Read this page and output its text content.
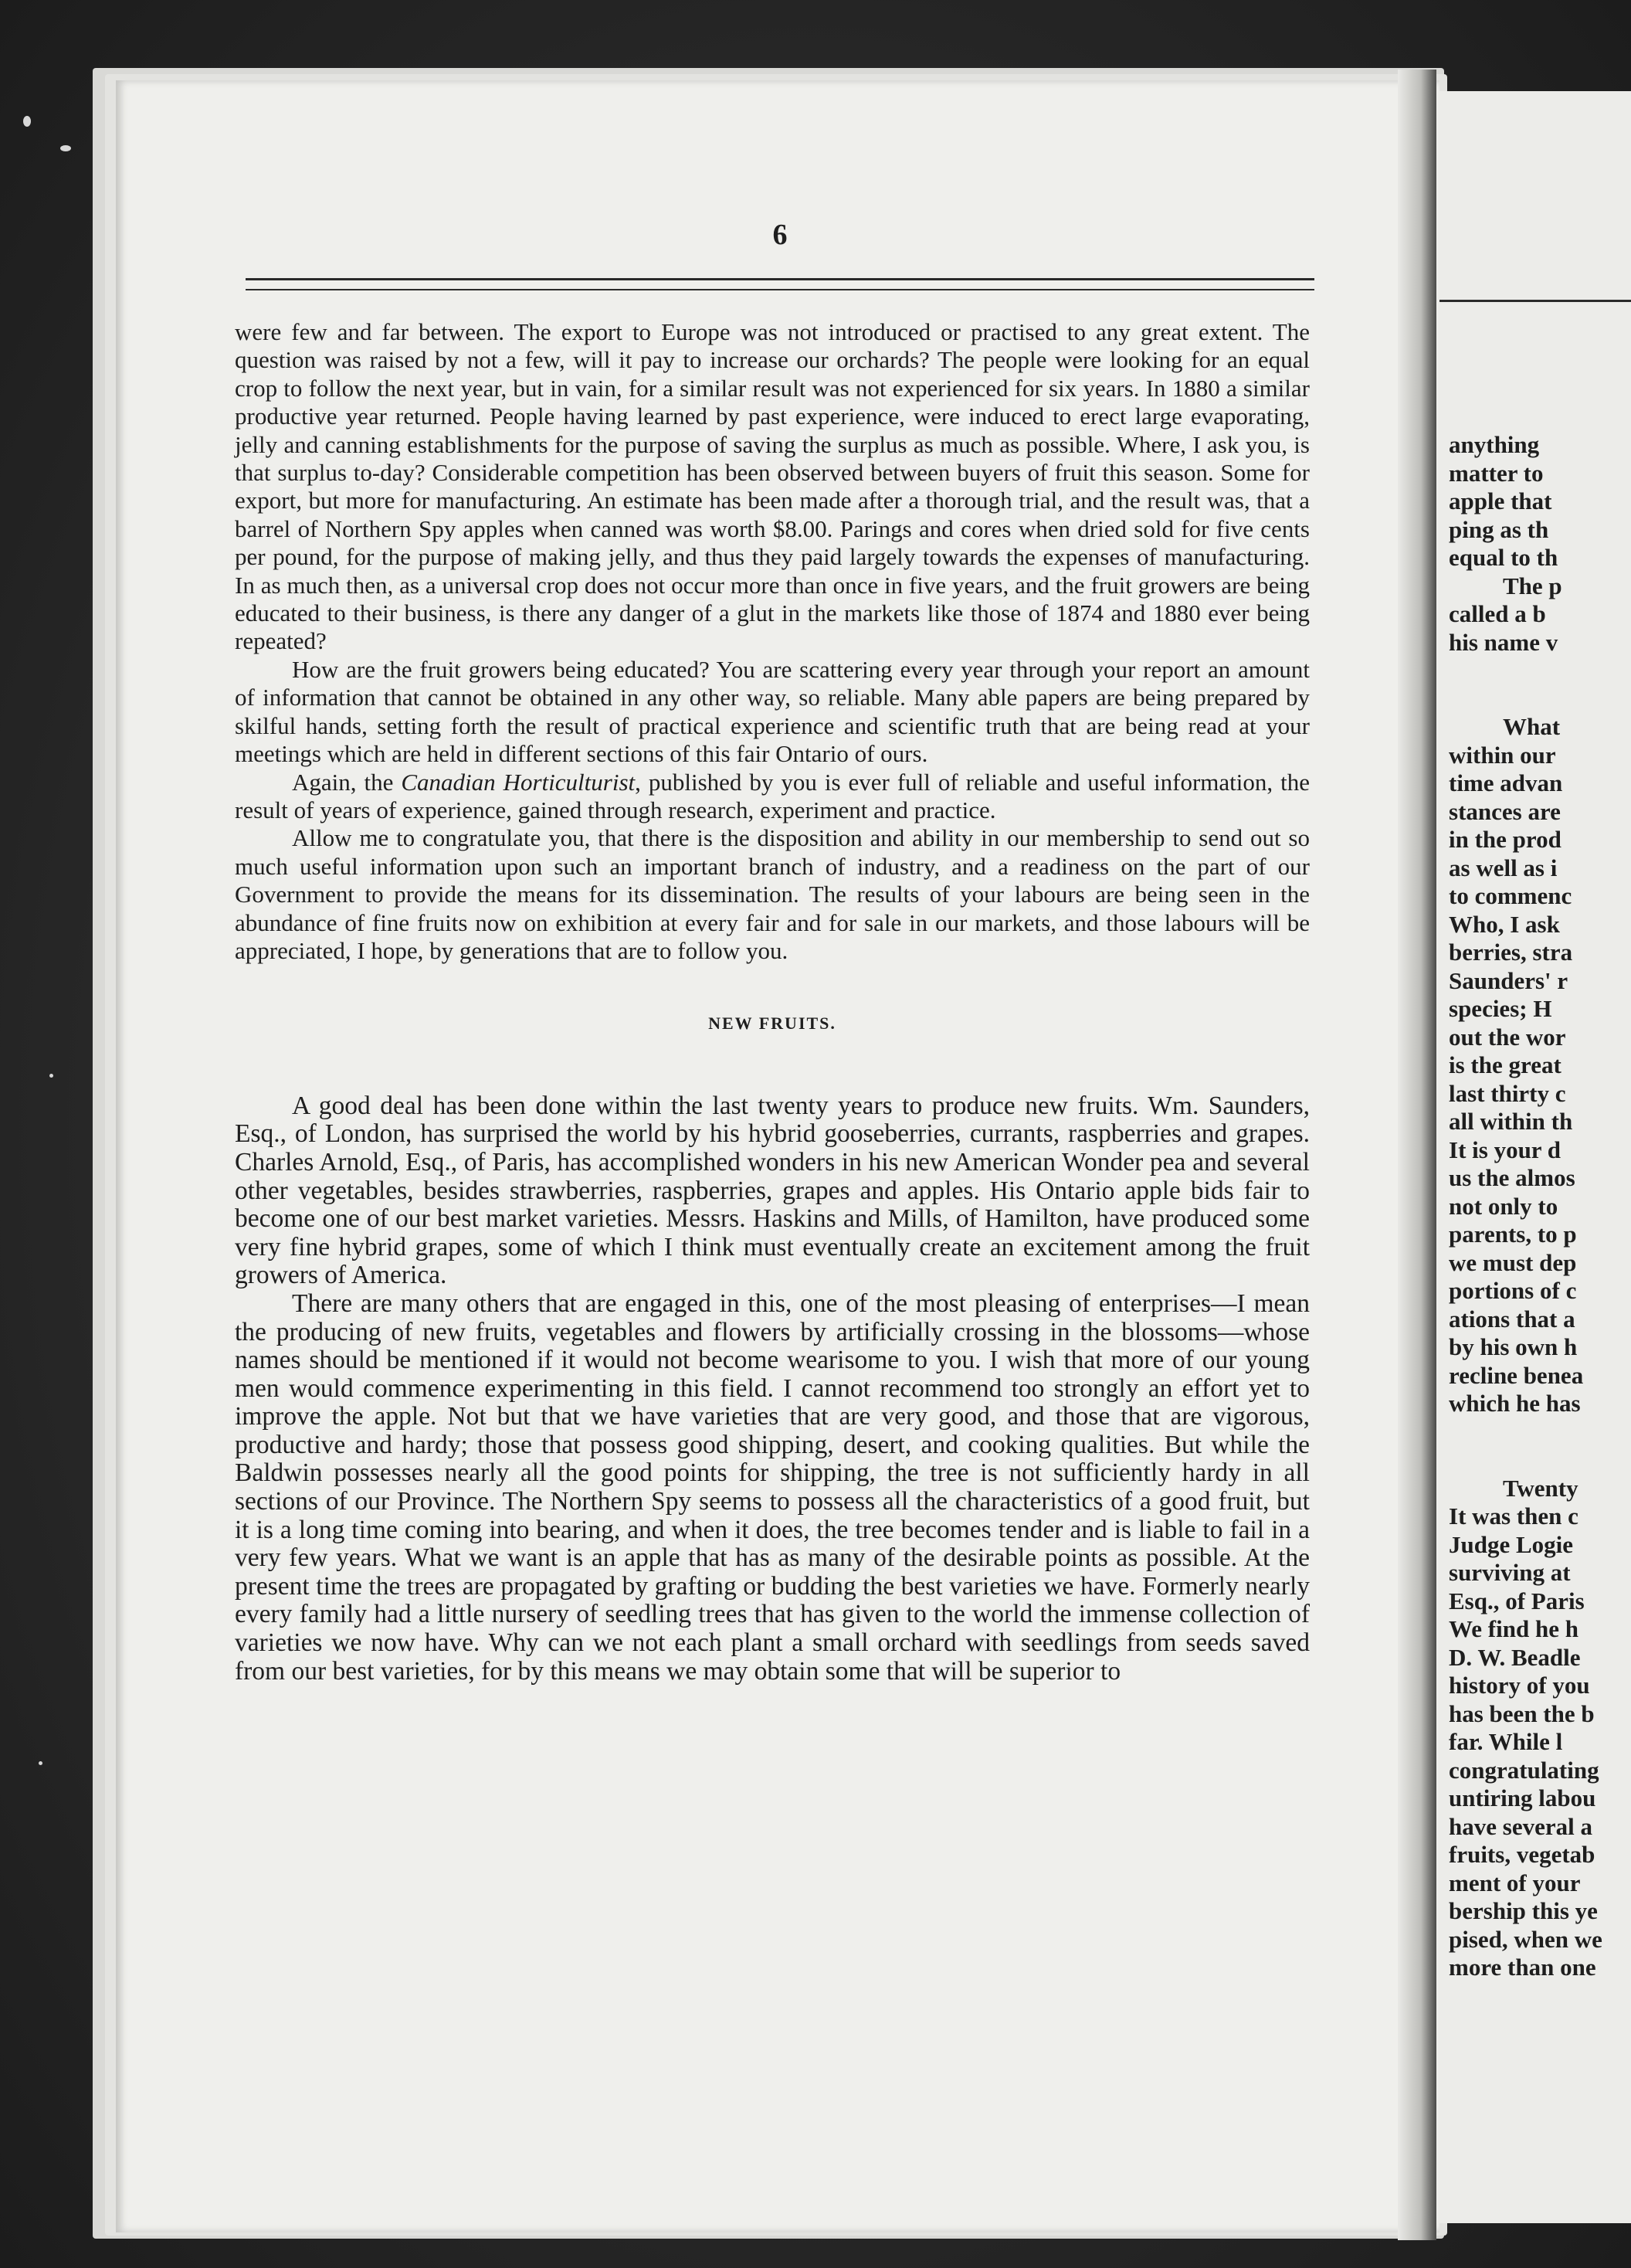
anything
matter to
apple that
ping as th
equal to th
The p
called a b
his name v
What
within our
time advan
stances are
in the prod
as well as i
to commenc
Who, I ask
berries, stra
Saunders' r
species; H
out the wor
is the great
last thirty c
all within th
It is your d
us the almos
not only to
parents, to p
we must dep
portions of c
ations that a
by his own h
recline benea
which he has
Twenty
It was then c
Judge Logie
surviving at
Esq., of Paris
We find he h
D. W. Beadle
history of you
has been the b
far. While l
congratulating
untiring labou
have several a
fruits, vegetab
ment of your
bership this ye
pised, when we
more than one
6

were few and far between. The export to Europe was not introduced or practised to any great extent. The question was raised by not a few, will it pay to increase our orchards? The people were looking for an equal crop to follow the next year, but in vain, for a similar result was not experienced for six years. In 1880 a similar productive year returned. People having learned by past experience, were induced to erect large evaporating, jelly and canning establishments for the purpose of saving the surplus as much as possible. Where, I ask you, is that surplus to-day? Considerable competition has been observed between buyers of fruit this season. Some for export, but more for manufacturing. An estimate has been made after a thorough trial, and the result was, that a barrel of Northern Spy apples when canned was worth $8.00. Parings and cores when dried sold for five cents per pound, for the purpose of making jelly, and thus they paid largely towards the expenses of manufacturing. In as much then, as a universal crop does not occur more than once in five years, and the fruit growers are being educated to their business, is there any danger of a glut in the markets like those of 1874 and 1880 ever being repeated?

How are the fruit growers being educated? You are scattering every year through your report an amount of information that cannot be obtained in any other way, so reliable. Many able papers are being prepared by skilful hands, setting forth the result of practical experience and scientific truth that are being read at your meetings which are held in different sections of this fair Ontario of ours.

Again, the Canadian Horticulturist, published by you is ever full of reliable and useful information, the result of years of experience, gained through research, experiment and practice.

Allow me to congratulate you, that there is the disposition and ability in our membership to send out so much useful information upon such an important branch of industry, and a readiness on the part of our Government to provide the means for its dissemination. The results of your labours are being seen in the abundance of fine fruits now on exhibition at every fair and for sale in our markets, and those labours will be appreciated, I hope, by generations that are to follow you.

NEW FRUITS.

A good deal has been done within the last twenty years to produce new fruits. Wm. Saunders, Esq., of London, has surprised the world by his hybrid gooseberries, currants, raspberries and grapes. Charles Arnold, Esq., of Paris, has accomplished wonders in his new American Wonder pea and several other vegetables, besides strawberries, raspberries, grapes and apples. His Ontario apple bids fair to become one of our best market varieties. Messrs. Haskins and Mills, of Hamilton, have produced some very fine hybrid grapes, some of which I think must eventually create an excitement among the fruit growers of America.

There are many others that are engaged in this, one of the most pleasing of enterprises—I mean the producing of new fruits, vegetables and flowers by artificially crossing in the blossoms—whose names should be mentioned if it would not become wearisome to you. I wish that more of our young men would commence experimenting in this field. I cannot recommend too strongly an effort yet to improve the apple. Not but that we have varieties that are very good, and those that are vigorous, productive and hardy; those that possess good shipping, desert, and cooking qualities. But while the Baldwin possesses nearly all the good points for shipping, the tree is not sufficiently hardy in all sections of our Province. The Northern Spy seems to possess all the characteristics of a good fruit, but it is a long time coming into bearing, and when it does, the tree becomes tender and is liable to fail in a very few years. What we want is an apple that has as many of the desirable points as possible. At the present time the trees are propagated by grafting or budding the best varieties we have. Formerly nearly every family had a little nursery of seedling trees that has given to the world the immense collection of varieties we now have. Why can we not each plant a small orchard with seedlings from seeds saved from our best varieties, for by this means we may obtain some that will be superior to
